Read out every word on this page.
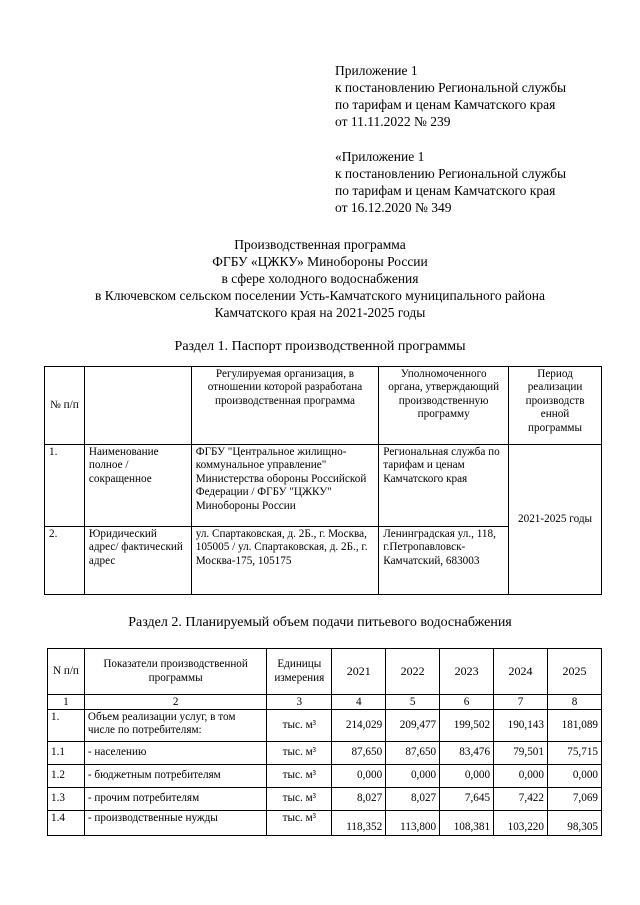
Приложение 1
к постановлению Региональной службы
по тарифам и ценам Камчатского края
от 11.11.2022 № 239
«Приложение 1
к постановлению Региональной службы
по тарифам и ценам Камчатского края
от 16.12.2020 № 349
Производственная программа
ФГБУ «ЦЖКУ» Минобороны России
в сфере холодного водоснабжения
в Ключевском сельском поселении Усть-Камчатского муниципального района
Камчатского края на 2021-2025 годы
Раздел 1. Паспорт производственной программы
№ п/п		Регулируемая организация, в отношении которой разработана производственная программа	Уполномоченного органа, утверждающий производственную программу	Период реализации производств енной программы
1.	Наименование полное / сокращенное	ФГБУ "Центральное жилищно-коммунальное управление" Министерства обороны Российской Федерации / ФГБУ "ЦЖКУ" Минобороны России	Региональная служба по тарифам и ценам Камчатского края	2021-2025 годы
2.	Юридический адрес/ фактический адрес	ул. Спартаковская, д. 2Б., г. Москва, 105005 / ул. Спартаковская, д. 2Б., г. Москва-175, 105175	Ленинградская ул., 118, г.Петропавловск-Камчатский, 683003	
Раздел 2. Планируемый объем подачи питьевого водоснабжения
N п/п	Показатели производственной программы	Единицы измерения	2021	2022	2023	2024	2025
1	2	3	4	5	6	7	8
1.	Объем реализации услуг, в том числе по потребителям:	тыс. м³	214,029	209,477	199,502	190,143	181,089
1.1	- населению	тыс. м³	87,650	87,650	83,476	79,501	75,715
1.2	- бюджетным потребителям	тыс. м³	0,000	0,000	0,000	0,000	0,000
1.3	- прочим потребителям	тыс. м³	8,027	8,027	7,645	7,422	7,069
1.4	- производственные нужды	тыс. м³	118,352	113,800	108,381	103,220	98,305
